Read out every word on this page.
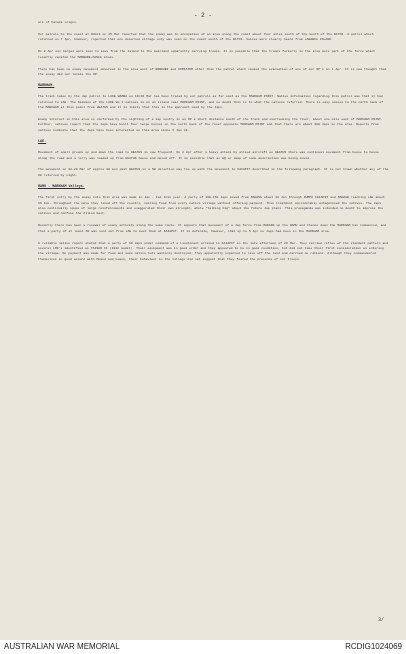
- 2 -

are of Kanaka origin.

Our patrols to the coast at DUALI on 25 Mar reported that the enemy was in occupation of an area along the coast about four miles south of the mouth of the BITOI. A patrol which returned on 7 Apr, however, reported that one deserted village only was seen on the coast south of the BITOI. Voices were clearly heard from LABABIA ISLAND.

On 2 Apr six barges were seen to move from the island to the mainland apparently carrying troops. It is possible that the troops formerly in the area were part of the force which recently vacated the MAMBARE-KANIA areas.

There has been no enemy movement observed in the area west of BOBDUBI and KOMIATUM other than the patrol which caused the evacuation of one of our OP's on 1 Apr. It is now thought that the enemy did not locate the OP.

MARKHAM.

The track taken by the Jap patrol to LAKE WAMBA on 19/20 Mar has been traced by our patrols as far east as the MARKHAM POINT. Native information regarding this patrol was that it had returned to LAE. The Sidemen of the LAKE We 1 natives is on an island near MARKHAM POINT, and no doubt this is to what the natives referred. There is easy access to the north bank of the MARKHAM at this point from HEATHS and it is likely that this is the approach used by the Japs.

Enemy interest in this area is confirmed by the sighting of a Jap sentry in an OP a short distance south of the track and overlooking the river, about one mile east of MARKHAM POINT. Further, natives report that the Japs have built four large houses on the north bank of the river opposite MARKHAM POINT and that there are about 300 Japs in the area. Reports from natives indicate that the Japs have been interested in this area since 6 Jan 43.

LAE.

Movement of small groups up and down the road to HEATHS is now frequent. On 2 Apr after a heavy attack by allied aircraft on HEATHS there was continual movement from house to house along the road and a lorry was loaded up from HEATHS house and moved off. It is possible that an HQ or dump of some description was being moved.

The movement on 22-23 Mar of approx 90 men past HEATHS in a NW direction may tie up with the movement to KAIAPIT described in the following paragraph. It is not known whether any of the 90 returned by night.

RAMU - MARKHAM Valleys.

The first entry by the enemy into this area was made in Jan - Feb this year. A party of 100-150 Japs moved from MADANG about 19 Jan through DUMPU KAIAPIT and MADZAB reaching LAE about 16 Feb. Throughout the move they lived off the country, seizing food from every native village without offering payment. This treatment considerably antagonised the natives. The Japs also continually spoke of large reinforcements and exaggerated their own strength, while "talking big" about the future Jap plans. This propaganda was intended no doubt to impress the natives and confuse the Allied Govt.

Recently there has been a renewal of enemy activity along the same route. It appears that movement of a Jap force from MADANG up the RAMU and thence down the MARKHAM has commenced, and that a party of at least 60 was sent out from LAE to meet them at KAIAPIT. It is definite, however, that up to 5 Apr no Japs had been in the MARKHAM area.

A reliable native report stated that a party of 60 Japs under command of a Lieutenant arrived in KAIAPIT in the late afternoon of 26 Mar. They carried rifles of the standard pattern and several LMG's identified as TAISHO II (1922 model). Their equipment was in good order and they appeared to be in good condition, but did not take their first consideration on entering the village. No payment was made for food and some native huts wantonly destroyed. They apparently expected to live off the land and carried no rations. Although they commandeered themselves in good accord with Mumed and Lowen, their behaviour in the village did not suggest that they feared the presence of our troops.

3/
AUSTRALIAN WAR MEMORIAL	RCDIG1024069
